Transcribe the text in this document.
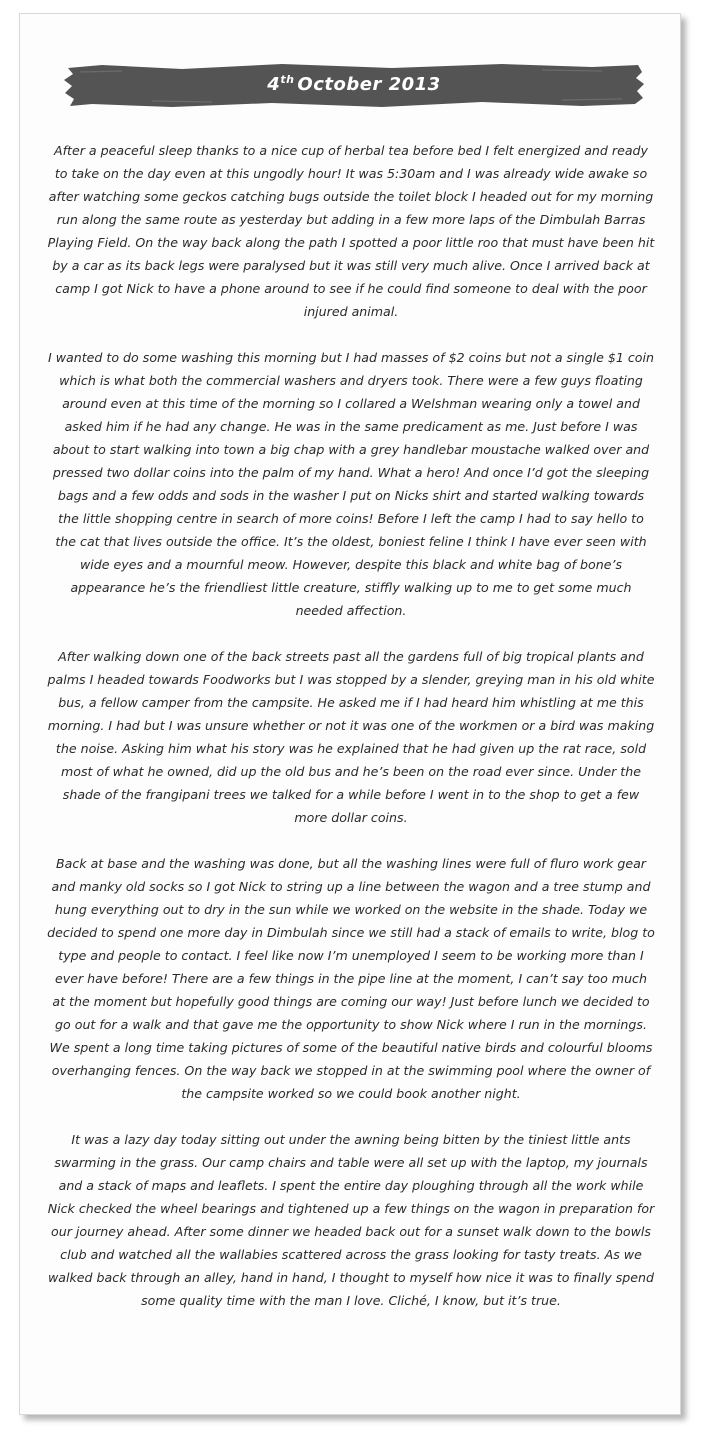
4th October 2013

After a peaceful sleep thanks to a nice cup of herbal tea before bed I felt energized and ready to take on the day even at this ungodly hour! It was 5:30am and I was already wide awake so after watching some geckos catching bugs outside the toilet block I headed out for my morning run along the same route as yesterday but adding in a few more laps of the Dimbulah Barras Playing Field. On the way back along the path I spotted a poor little roo that must have been hit by a car as its back legs were paralysed but it was still very much alive. Once I arrived back at camp I got Nick to have a phone around to see if he could find someone to deal with the poor injured animal.

I wanted to do some washing this morning but I had masses of $2 coins but not a single $1 coin which is what both the commercial washers and dryers took. There were a few guys floating around even at this time of the morning so I collared a Welshman wearing only a towel and asked him if he had any change. He was in the same predicament as me. Just before I was about to start walking into town a big chap with a grey handlebar moustache walked over and pressed two dollar coins into the palm of my hand. What a hero! And once I’d got the sleeping bags and a few odds and sods in the washer I put on Nicks shirt and started walking towards the little shopping centre in search of more coins! Before I left the camp I had to say hello to the cat that lives outside the office. It’s the oldest, boniest feline I think I have ever seen with wide eyes and a mournful meow. However, despite this black and white bag of bone’s appearance he’s the friendliest little creature, stiffly walking up to me to get some much needed affection.

After walking down one of the back streets past all the gardens full of big tropical plants and palms I headed towards Foodworks but I was stopped by a slender, greying man in his old white bus, a fellow camper from the campsite. He asked me if I had heard him whistling at me this morning. I had but I was unsure whether or not it was one of the workmen or a bird was making the noise. Asking him what his story was he explained that he had given up the rat race, sold most of what he owned, did up the old bus and he’s been on the road ever since. Under the shade of the frangipani trees we talked for a while before I went in to the shop to get a few more dollar coins.

Back at base and the washing was done, but all the washing lines were full of fluro work gear and manky old socks so I got Nick to string up a line between the wagon and a tree stump and hung everything out to dry in the sun while we worked on the website in the shade. Today we decided to spend one more day in Dimbulah since we still had a stack of emails to write, blog to type and people to contact. I feel like now I’m unemployed I seem to be working more than I ever have before! There are a few things in the pipe line at the moment, I can’t say too much at the moment but hopefully good things are coming our way! Just before lunch we decided to go out for a walk and that gave me the opportunity to show Nick where I run in the mornings. We spent a long time taking pictures of some of the beautiful native birds and colourful blooms overhanging fences. On the way back we stopped in at the swimming pool where the owner of the campsite worked so we could book another night.

It was a lazy day today sitting out under the awning being bitten by the tiniest little ants swarming in the grass. Our camp chairs and table were all set up with the laptop, my journals and a stack of maps and leaflets. I spent the entire day ploughing through all the work while Nick checked the wheel bearings and tightened up a few things on the wagon in preparation for our journey ahead. After some dinner we headed back out for a sunset walk down to the bowls club and watched all the wallabies scattered across the grass looking for tasty treats. As we walked back through an alley, hand in hand, I thought to myself how nice it was to finally spend some quality time with the man I love. Cliché, I know, but it’s true.
